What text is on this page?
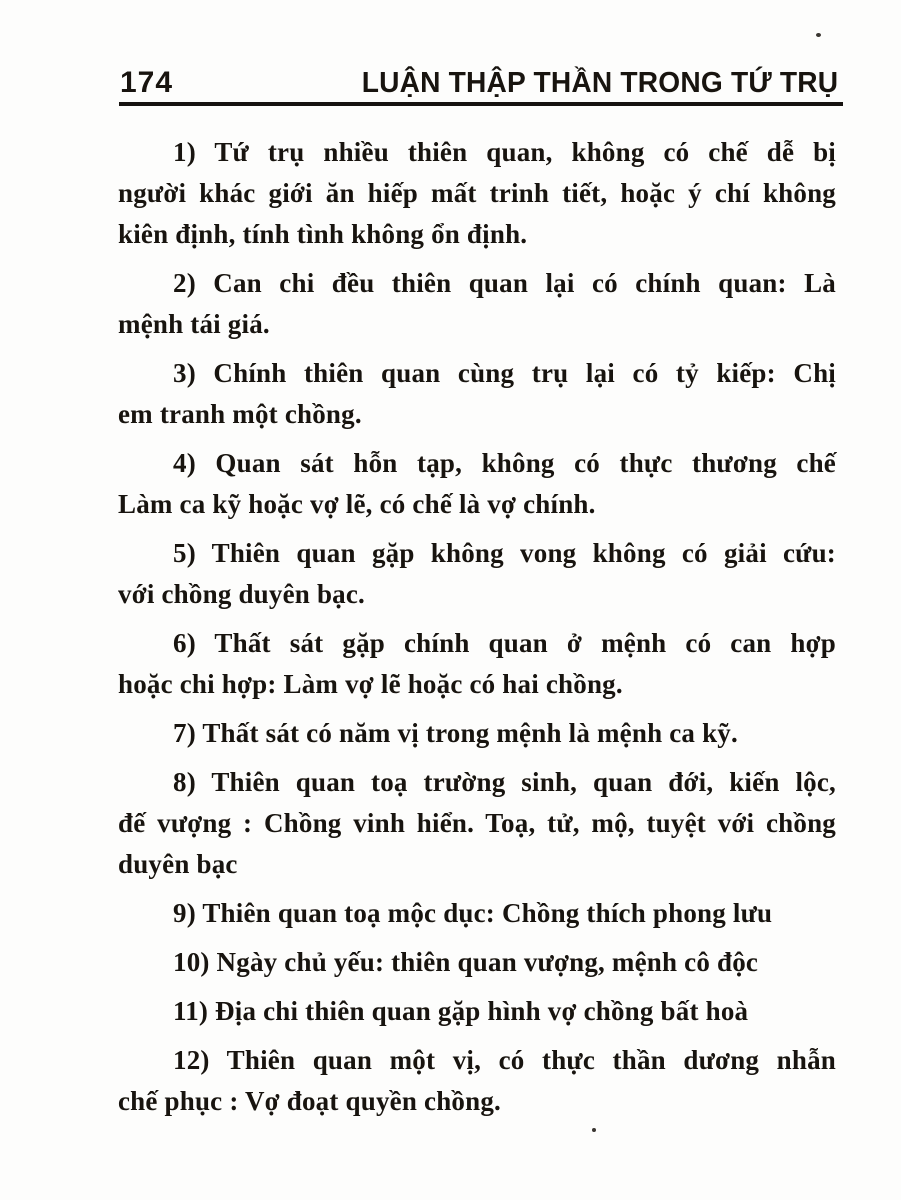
174	LUẬN THẬP THẦN TRONG TỨ TRỤ

1) Tứ trụ nhiều thiên quan, không có chế dễ bị
người khác giới ăn hiếp mất trinh tiết, hoặc ý chí không
kiên định, tính tình không ổn định.

2) Can chi đều thiên quan lại có chính quan: Là
mệnh tái giá.

3) Chính thiên quan cùng trụ lại có tỷ kiếp: Chị
em tranh một chồng.

4) Quan sát hỗn tạp, không có thực thương chế
Làm ca kỹ hoặc vợ lẽ, có chế là vợ chính.

5) Thiên quan gặp không vong không có giải cứu:
với chồng duyên bạc.

6) Thất sát gặp chính quan ở mệnh có can hợp
hoặc chi hợp: Làm vợ lẽ hoặc có hai chồng.

7) Thất sát có năm vị trong mệnh là mệnh ca kỹ.

8) Thiên quan toạ trường sinh, quan đới, kiến lộc,
đế vượng : Chồng vinh hiển. Toạ, tử, mộ, tuyệt với chồng
duyên bạc

9) Thiên quan toạ mộc dục: Chồng thích phong lưu

10) Ngày chủ yếu: thiên quan vượng, mệnh cô độc

11) Địa chi thiên quan gặp hình vợ chồng bất hoà

12) Thiên quan một vị, có thực thần dương nhẫn
chế phục : Vợ đoạt quyền chồng.
